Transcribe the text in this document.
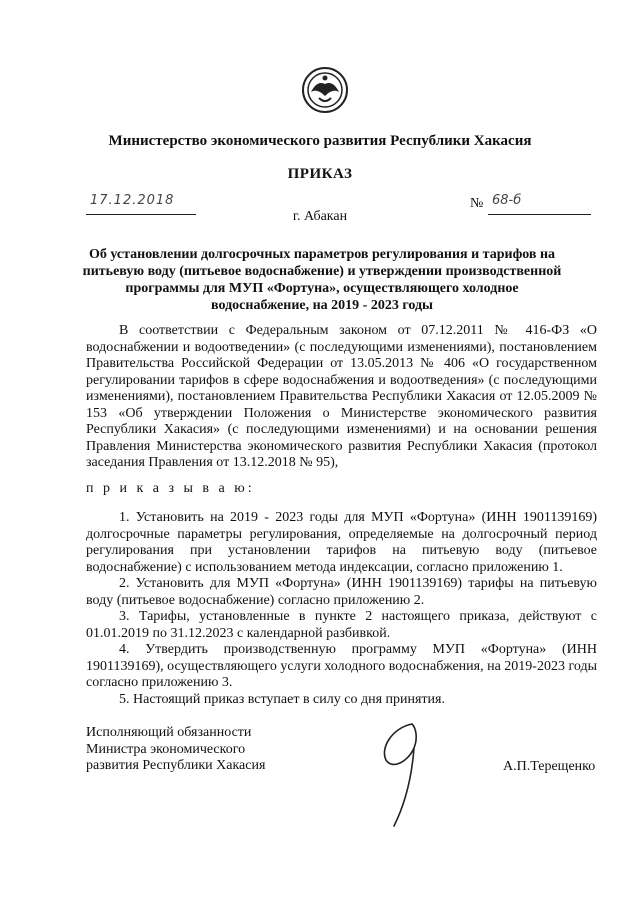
Министерство экономического развития Республики Хакасия
ПРИКАЗ
17.12.2018	№ 68-б
г. Абакан
Об установлении долгосрочных параметров регулирования и тарифов на питьевую воду (питьевое водоснабжение) и утверждении производственной программы для МУП «Фортуна», осуществляющего холодное водоснабжение, на 2019 - 2023 годы

В соответствии с Федеральным законом от 07.12.2011 № 416-ФЗ «О водоснабжении и водоотведении» (с последующими изменениями), постановлением Правительства Российской Федерации от 13.05.2013 № 406 «О государственном регулировании тарифов в сфере водоснабжения и водоотведения» (с последующими изменениями), постановлением Правительства Республики Хакасия от 12.05.2009 № 153 «Об утверждении Положения о Министерстве экономического развития Республики Хакасия» (с последующими изменениями) и на основании решения Правления Министерства экономического развития Республики Хакасия (протокол заседания Правления от 13.12.2018 № 95),

п р и к а з ы в а ю:

1. Установить на 2019 - 2023 годы для МУП «Фортуна» (ИНН 1901139169) долгосрочные параметры регулирования, определяемые на долгосрочный период регулирования при установлении тарифов на питьевую воду (питьевое водоснабжение) с использованием метода индексации, согласно приложению 1.

2. Установить для МУП «Фортуна» (ИНН 1901139169) тарифы на питьевую воду (питьевое водоснабжение) согласно приложению 2.

3. Тарифы, установленные в пункте 2 настоящего приказа, действуют с 01.01.2019 по 31.12.2023 с календарной разбивкой.

4. Утвердить производственную программу МУП «Фортуна» (ИНН 1901139169), осуществляющего услуги холодного водоснабжения, на 2019-2023 годы согласно приложению 3.

5. Настоящий приказ вступает в силу со дня принятия.

Исполняющий обязанности
Министра экономического
развития Республики Хакасия	А.П.Терещенко
